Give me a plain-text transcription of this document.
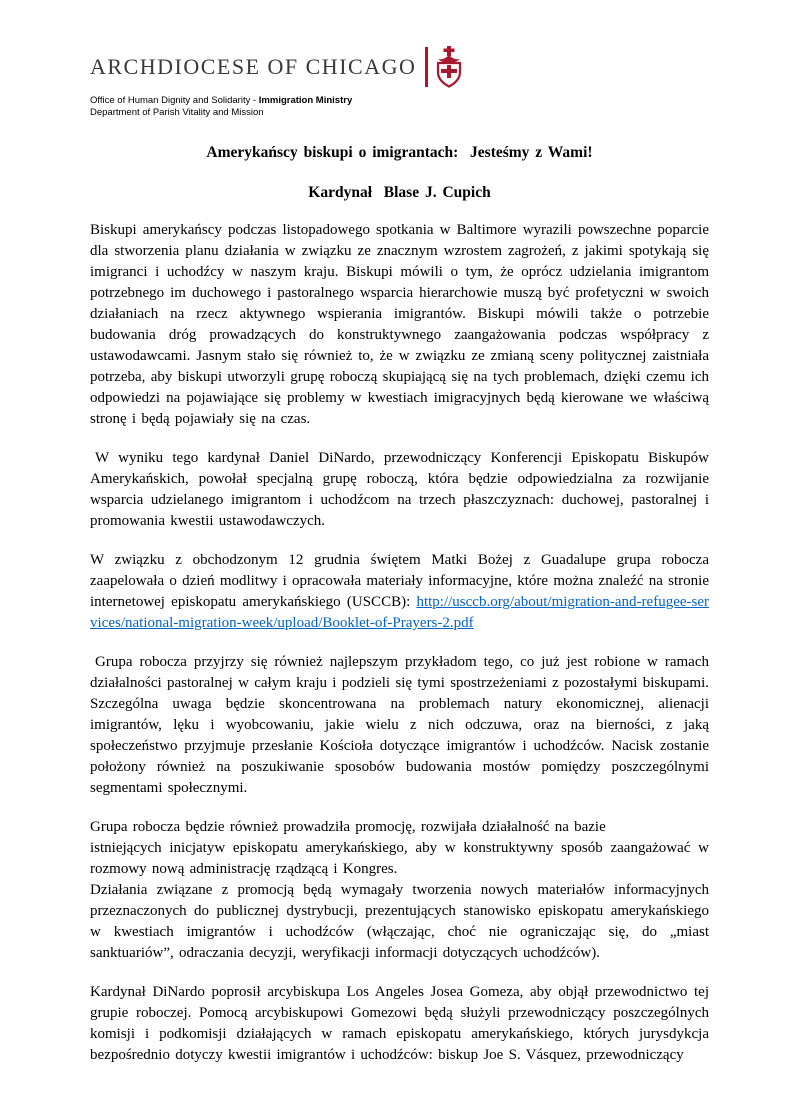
ARCHDIOCESE OF CHICAGO
Office of Human Dignity and Solidarity - Immigration Ministry
Department of Parish Vitality and Mission
Amerykańscy biskupi o imigrantach:  Jesteśmy z Wami!
Kardynał  Blase J. Cupich

Biskupi amerykańscy podczas listopadowego spotkania w Baltimore wyrazili powszechne poparcie dla stworzenia planu działania w związku ze znacznym wzrostem zagrożeń, z jakimi spotykają się imigranci i uchodźcy w naszym kraju. Biskupi mówili o tym, że oprócz udzielania imigrantom potrzebnego im duchowego i pastoralnego wsparcia hierarchowie muszą być profetyczni w swoich działaniach na rzecz aktywnego wspierania imigrantów. Biskupi mówili także o potrzebie budowania dróg prowadzących do konstruktywnego zaangażowania podczas współpracy z ustawodawcami. Jasnym stało się również to, że w związku ze zmianą sceny politycznej zaistniała potrzeba, aby biskupi utworzyli grupę roboczą skupiającą się na tych problemach, dzięki czemu ich odpowiedzi na pojawiające się problemy w kwestiach imigracyjnych będą kierowane we właściwą stronę i będą pojawiały się na czas.

W wyniku tego kardynał Daniel DiNardo, przewodniczący Konferencji Episkopatu Biskupów Amerykańskich, powołał specjalną grupę roboczą, która będzie odpowiedzialna za rozwijanie wsparcia udzielanego imigrantom i uchodźcom na trzech płaszczyznach: duchowej, pastoralnej i promowania kwestii ustawodawczych.

W związku z obchodzonym 12 grudnia świętem Matki Bożej z Guadalupe grupa robocza zaapelowała o dzień modlitwy i opracowała materiały informacyjne, które można znaleźć na stronie internetowej episkopatu amerykańskiego (USCCB): http://usccb.org/about/migration-and-refugee-services/national-migration-week/upload/Booklet-of-Prayers-2.pdf

Grupa robocza przyjrzy się również najlepszym przykładom tego, co już jest robione w ramach działalności pastoralnej w całym kraju i podzieli się tymi spostrzeżeniami z pozostałymi biskupami. Szczególna uwaga będzie skoncentrowana na problemach natury ekonomicznej, alienacji imigrantów, lęku i wyobcowaniu, jakie wielu z nich odczuwa, oraz na bierności, z jaką społeczeństwo przyjmuje przesłanie Kościoła dotyczące imigrantów i uchodźców. Nacisk zostanie położony również na poszukiwanie sposobów budowania mostów pomiędzy poszczególnymi segmentami społecznymi.

Grupa robocza będzie również prowadziła promocję, rozwijała działalność na bazie

istniejących inicjatyw episkopatu amerykańskiego, aby w konstruktywny sposób zaangażować w rozmowy nową administrację rządzącą i Kongres.

Działania związane z promocją będą wymagały tworzenia nowych materiałów informacyjnych przeznaczonych do publicznej dystrybucji, prezentujących stanowisko episkopatu amerykańskiego w kwestiach imigrantów i uchodźców (włączając, choć nie ograniczając się, do „miast sanktuariów”, odraczania decyzji, weryfikacji informacji dotyczących uchodźców).

Kardynał DiNardo poprosił arcybiskupa Los Angeles Josea Gomeza, aby objął przewodnictwo tej grupie roboczej. Pomocą arcybiskupowi Gomezowi będą służyli przewodniczący poszczególnych komisji i podkomisji działających w ramach episkopatu amerykańskiego, których jurysdykcja bezpośrednio dotyczy kwestii imigrantów i uchodźców: biskup Joe S. Vásquez, przewodniczący
